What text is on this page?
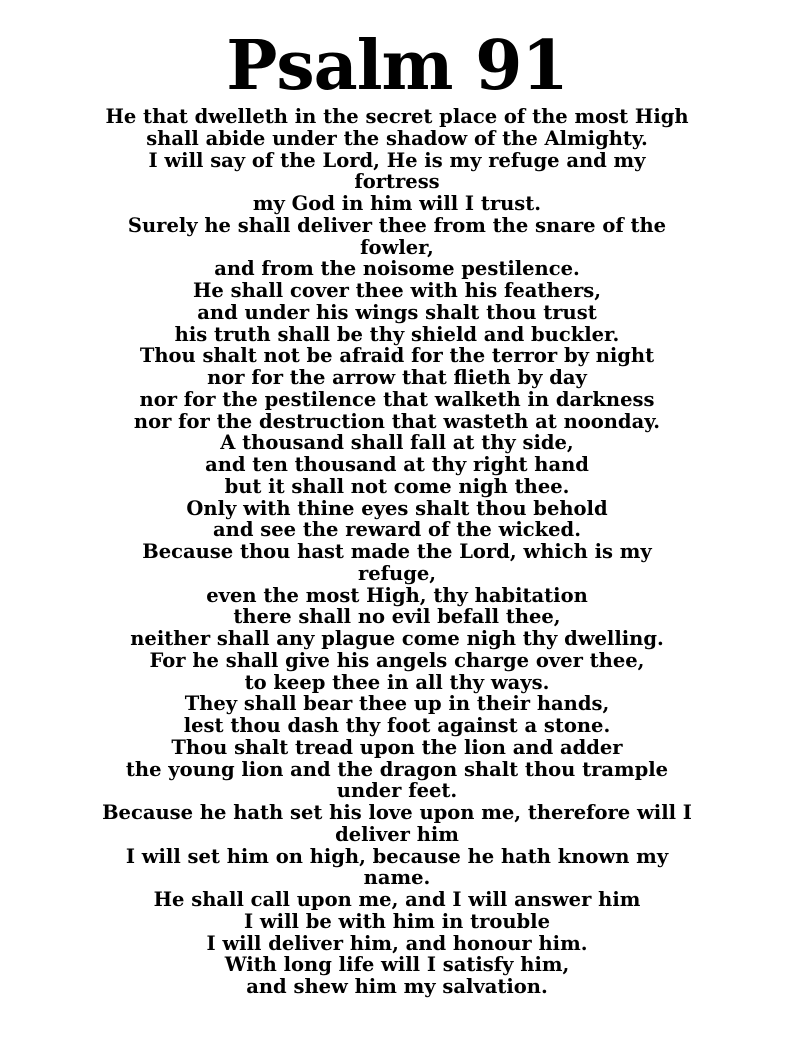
Psalm 91
He that dwelleth in the secret place of the most High
shall abide under the shadow of the Almighty.
I will say of the Lord, He is my refuge and my
fortress
my God in him will I trust.
Surely he shall deliver thee from the snare of the
fowler,
and from the noisome pestilence.
He shall cover thee with his feathers,
and under his wings shalt thou trust
his truth shall be thy shield and buckler.
Thou shalt not be afraid for the terror by night
nor for the arrow that flieth by day
nor for the pestilence that walketh in darkness
nor for the destruction that wasteth at noonday.
A thousand shall fall at thy side,
and ten thousand at thy right hand
but it shall not come nigh thee.
Only with thine eyes shalt thou behold
and see the reward of the wicked.
Because thou hast made the Lord, which is my
refuge,
even the most High, thy habitation
there shall no evil befall thee,
neither shall any plague come nigh thy dwelling.
For he shall give his angels charge over thee,
to keep thee in all thy ways.
They shall bear thee up in their hands,
lest thou dash thy foot against a stone.
Thou shalt tread upon the lion and adder
the young lion and the dragon shalt thou trample
under feet.
Because he hath set his love upon me, therefore will I
deliver him
I will set him on high, because he hath known my
name.
He shall call upon me, and I will answer him
I will be with him in trouble
I will deliver him, and honour him.
With long life will I satisfy him,
and shew him my salvation.
